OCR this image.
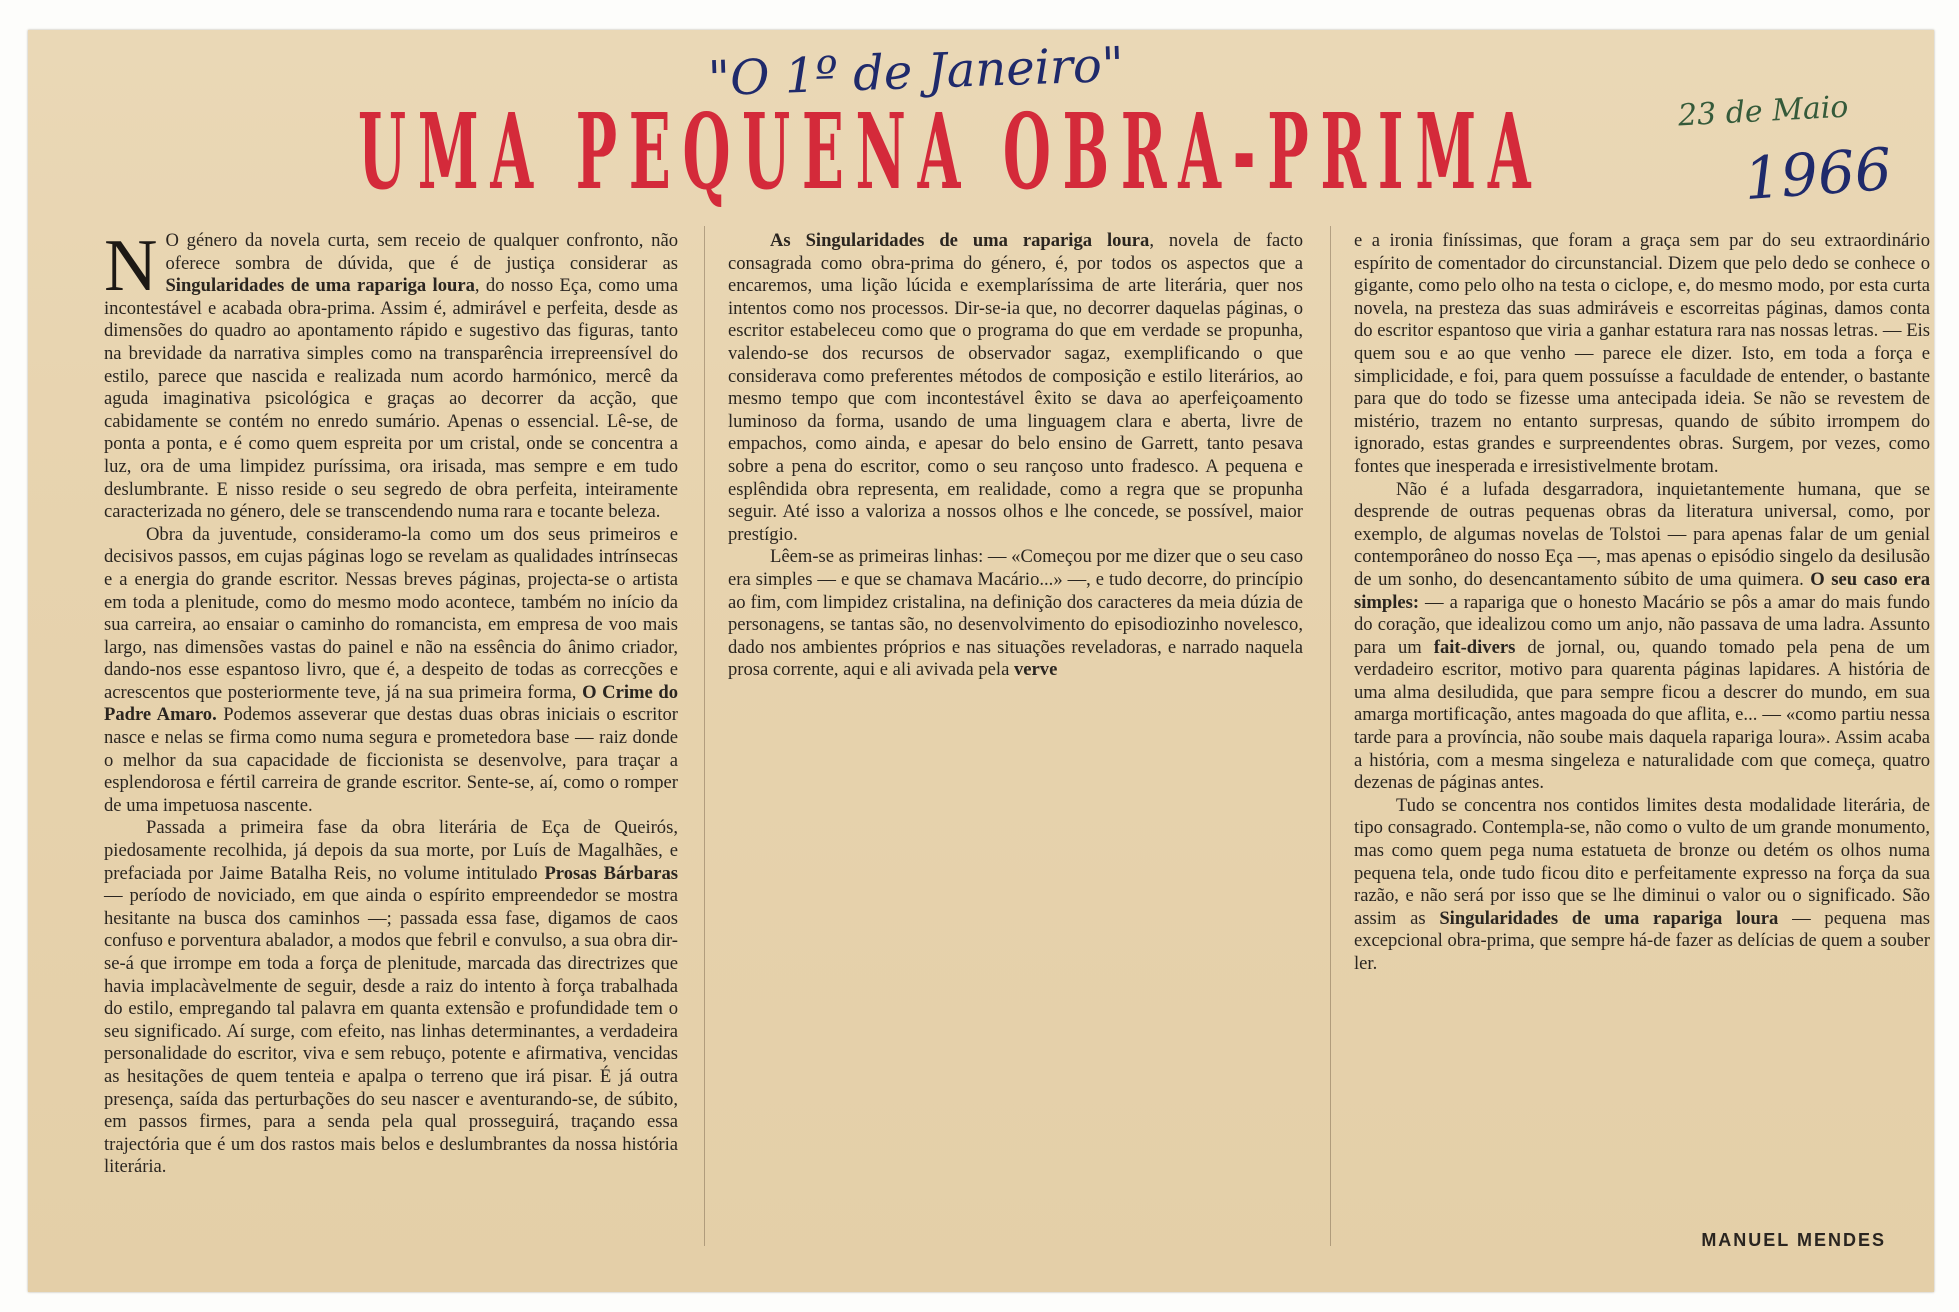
"O 1º de Janeiro"
23 de Maio
1966
UMA PEQUENA OBRA-PRIMA

N O género da novela curta, sem receio de qualquer confronto, não oferece sombra de dúvida, que é de justiça considerar as Singularidades de uma rapariga loura, do nosso Eça, como uma incontestável e acabada obra-prima. Assim é, admirável e perfeita, desde as dimensões do quadro ao apontamento rápido e sugestivo das figuras, tanto na brevidade da narrativa simples como na transparência irrepreensível do estilo, parece que nascida e realizada num acordo harmónico, mercê da aguda imaginativa psicológica e graças ao decorrer da acção, que cabidamente se contém no enredo sumário. Apenas o essencial. Lê-se, de ponta a ponta, e é como quem espreita por um cristal, onde se concentra a luz, ora de uma limpidez puríssima, ora irisada, mas sempre e em tudo deslumbrante. E nisso reside o seu segredo de obra perfeita, inteiramente caracterizada no género, dele se transcendendo numa rara e tocante beleza.

Obra da juventude, consideramo-la como um dos seus primeiros e decisivos passos, em cujas páginas logo se revelam as qualidades intrínsecas e a energia do grande escritor. Nessas breves páginas, projecta-se o artista em toda a plenitude, como do mesmo modo acontece, também no início da sua carreira, ao ensaiar o caminho do romancista, em empresa de voo mais largo, nas dimensões vastas do painel e não na essência do ânimo criador, dando-nos esse espantoso livro, que é, a despeito de todas as correcções e acrescentos que posteriormente teve, já na sua primeira forma, O Crime do Padre Amaro. Podemos asseverar que destas duas obras iniciais o escritor nasce e nelas se firma como numa segura e prometedora base — raiz donde o melhor da sua capacidade de ficcionista se desenvolve, para traçar a esplendorosa e fértil carreira de grande escritor. Sente-se, aí, como o romper de uma impetuosa nascente.

Passada a primeira fase da obra literária de Eça de Queirós, piedosamente recolhida, já depois da sua morte, por Luís de Magalhães, e prefaciada por Jaime Batalha Reis, no volume intitulado Prosas Bárbaras — período de noviciado, em que ainda o espírito empreendedor se mostra hesitante na busca dos caminhos —; passada essa fase, digamos de caos confuso e porventura abalador, a modos que febril e convulso, a sua obra dir-se-á que irrompe em toda a força de plenitude, marcada das directrizes que havia implacàvelmente de seguir, desde a raiz do intento à força trabalhada do estilo, empregando tal palavra em quanta extensão e profundidade tem o seu significado. Aí surge, com efeito, nas linhas determinantes, a verdadeira personalidade do escritor, viva e sem rebuço, potente e afirmativa, vencidas as hesitações de quem tenteia e apalpa o terreno que irá pisar. É já outra presença, saída das perturbações do seu nascer e aventurando-se, de súbito, em passos firmes, para a senda pela qual prosseguirá, traçando essa trajectória que é um dos rastos mais belos e deslumbrantes da nossa história literária.

As Singularidades de uma rapariga loura, novela de facto consagrada como obra-prima do género, é, por todos os aspectos que a encaremos, uma lição lúcida e exemplaríssima de arte literária, quer nos intentos como nos processos. Dir-se-ia que, no decorrer daquelas páginas, o escritor estabeleceu como que o programa do que em verdade se propunha, valendo-se dos recursos de observador sagaz, exemplificando o que considerava como preferentes métodos de composição e estilo literários, ao mesmo tempo que com incontestável êxito se dava ao aperfeiçoamento luminoso da forma, usando de uma linguagem clara e aberta, livre de empachos, como ainda, e apesar do belo ensino de Garrett, tanto pesava sobre a pena do escritor, como o seu rançoso unto fradesco. A pequena e esplêndida obra representa, em realidade, como a regra que se propunha seguir. Até isso a valoriza a nossos olhos e lhe concede, se possível, maior prestígio.

Lêem-se as primeiras linhas: — «Começou por me dizer que o seu caso era simples — e que se chamava Macário...» —, e tudo decorre, do princípio ao fim, com limpidez cristalina, na definição dos caracteres da meia dúzia de personagens, se tantas são, no desenvolvimento do episodiozinho novelesco, dado nos ambientes próprios e nas situações reveladoras, e narrado naquela prosa corrente, aqui e ali avivada pela verve

e a ironia finíssimas, que foram a graça sem par do seu extraordinário espírito de comentador do circunstancial. Dizem que pelo dedo se conhece o gigante, como pelo olho na testa o ciclope, e, do mesmo modo, por esta curta novela, na presteza das suas admiráveis e escorreitas páginas, damos conta do escritor espantoso que viria a ganhar estatura rara nas nossas letras. — Eis quem sou e ao que venho — parece ele dizer. Isto, em toda a força e simplicidade, e foi, para quem possuísse a faculdade de entender, o bastante para que do todo se fizesse uma antecipada ideia. Se não se revestem de mistério, trazem no entanto surpresas, quando de súbito irrompem do ignorado, estas grandes e surpreendentes obras. Surgem, por vezes, como fontes que inesperada e irresistivelmente brotam.

Não é a lufada desgarradora, inquietantemente humana, que se desprende de outras pequenas obras da literatura universal, como, por exemplo, de algumas novelas de Tolstoi — para apenas falar de um genial contemporâneo do nosso Eça —, mas apenas o episódio singelo da desilusão de um sonho, do desencantamento súbito de uma quimera. O seu caso era simples: — a rapariga que o honesto Macário se pôs a amar do mais fundo do coração, que idealizou como um anjo, não passava de uma ladra. Assunto para um fait-divers de jornal, ou, quando tomado pela pena de um verdadeiro escritor, motivo para quarenta páginas lapidares. A história de uma alma desiludida, que para sempre ficou a descrer do mundo, em sua amarga mortificação, antes magoada do que aflita, e... — «como partiu nessa tarde para a província, não soube mais daquela rapariga loura». Assim acaba a história, com a mesma singeleza e naturalidade com que começa, quatro dezenas de páginas antes.

Tudo se concentra nos contidos limites desta modalidade literária, de tipo consagrado. Contempla-se, não como o vulto de um grande monumento, mas como quem pega numa estatueta de bronze ou detém os olhos numa pequena tela, onde tudo ficou dito e perfeitamente expresso na força da sua razão, e não será por isso que se lhe diminui o valor ou o significado. São assim as Singularidades de uma rapariga loura — pequena mas excepcional obra-prima, que sempre há-de fazer as delícias de quem a souber ler.

MANUEL MENDES
